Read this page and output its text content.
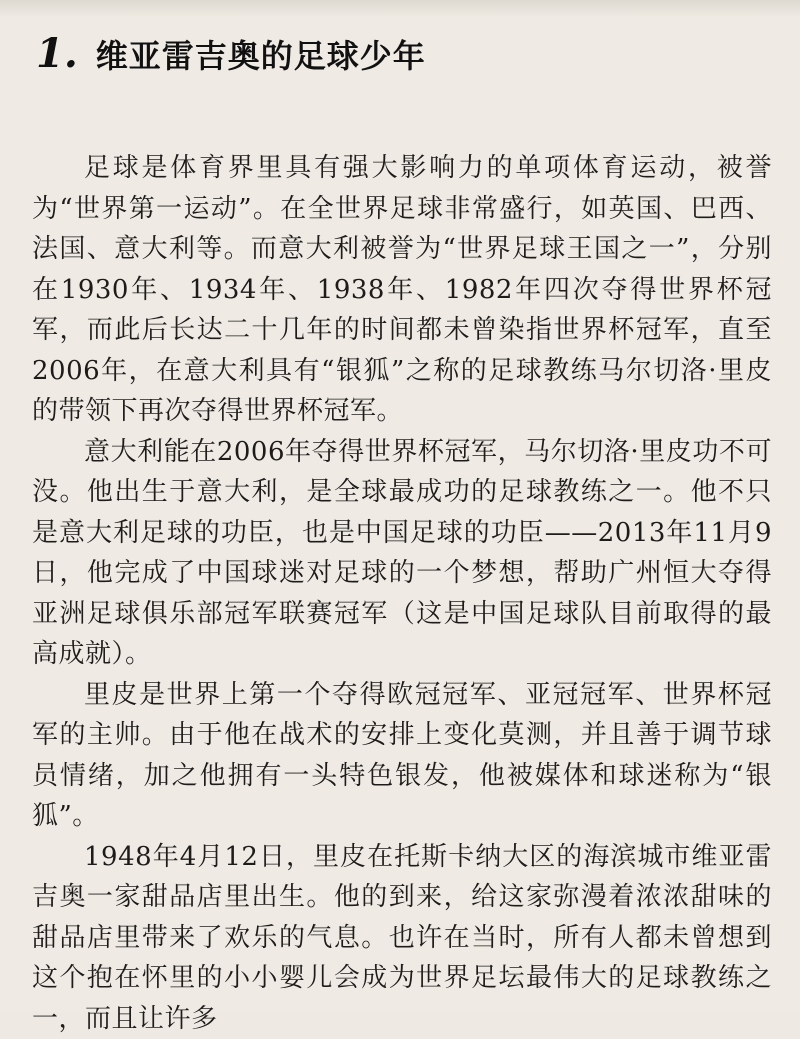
1. 维亚雷吉奥的足球少年

足球是体育界里具有强大影响力的单项体育运动，被誉为“世界第一运动”。在全世界足球非常盛行，如英国、巴西、法国、意大利等。而意大利被誉为“世界足球王国之一”，分别在1930年、1934年、1938年、1982年四次夺得世界杯冠军，而此后长达二十几年的时间都未曾染指世界杯冠军，直至2006年，在意大利具有“银狐”之称的足球教练马尔切洛·里皮的带领下再次夺得世界杯冠军。

意大利能在2006年夺得世界杯冠军，马尔切洛·里皮功不可没。他出生于意大利，是全球最成功的足球教练之一。他不只是意大利足球的功臣，也是中国足球的功臣——2013年11月9日，他完成了中国球迷对足球的一个梦想，帮助广州恒大夺得亚洲足球俱乐部冠军联赛冠军（这是中国足球队目前取得的最高成就）。

里皮是世界上第一个夺得欧冠冠军、亚冠冠军、世界杯冠军的主帅。由于他在战术的安排上变化莫测，并且善于调节球员情绪，加之他拥有一头特色银发，他被媒体和球迷称为“银狐”。

1948年4月12日，里皮在托斯卡纳大区的海滨城市维亚雷吉奥一家甜品店里出生。他的到来，给这家弥漫着浓浓甜味的甜品店里带来了欢乐的气息。也许在当时，所有人都未曾想到这个抱在怀里的小小婴儿会成为世界足坛最伟大的足球教练之一，而且让许多
